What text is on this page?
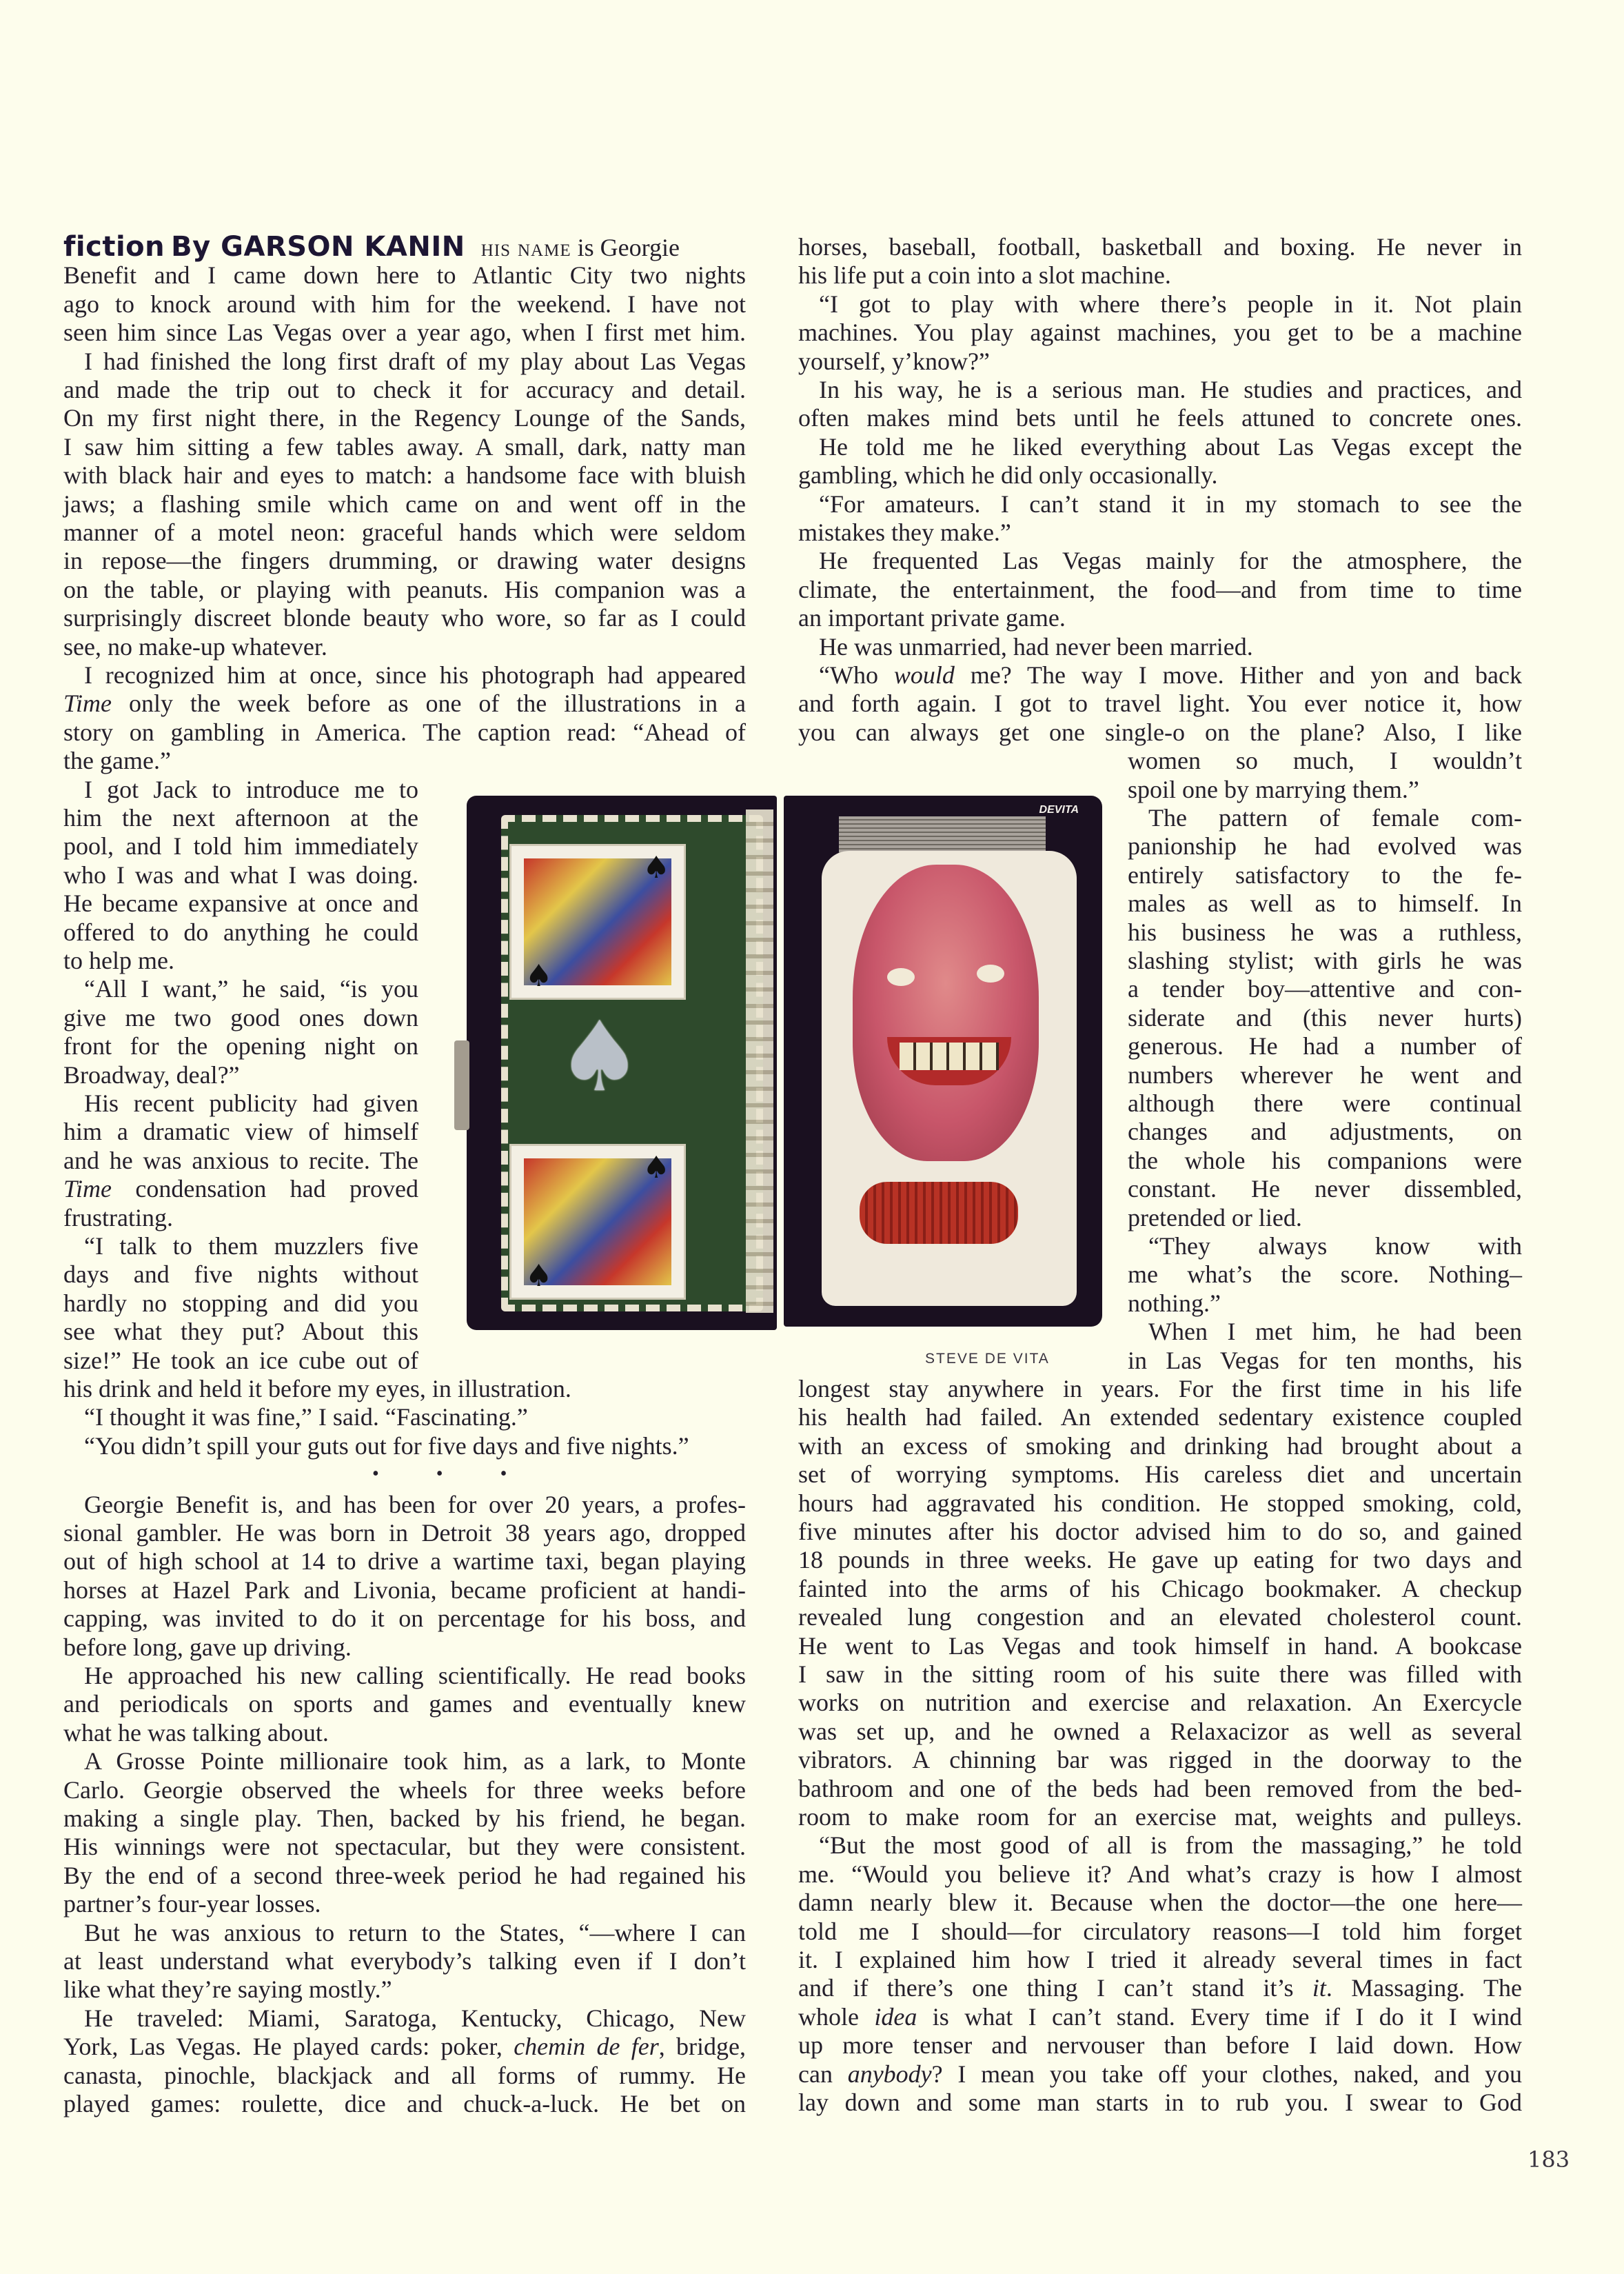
fiction By GARSON KANIN his name is Georgie
Benefit and I came down here to Atlantic City two nights
ago to knock around with him for the weekend. I have not
seen him since Las Vegas over a year ago, when I first met him.
I had finished the long first draft of my play about Las Vegas
and made the trip out to check it for accuracy and detail.
On my first night there, in the Regency Lounge of the Sands,
I saw him sitting a few tables away. A small, dark, natty man
with black hair and eyes to match: a handsome face with bluish
jaws; a flashing smile which came on and went off in the
manner of a motel neon: graceful hands which were seldom
in repose—the fingers drumming, or drawing water designs
on the table, or playing with peanuts. His companion was a
surprisingly discreet blonde beauty who wore, so far as I could
see, no make-up whatever.
I recognized him at once, since his photograph had appeared
Time only the week before as one of the illustrations in a
story on gambling in America. The caption read: “Ahead of
the game.”
I got Jack to introduce me to
him the next afternoon at the
pool, and I told him immediately
who I was and what I was doing.
He became expansive at once and
offered to do anything he could
to help me.
“All I want,” he said, “is you
give me two good ones down
front for the opening night on
Broadway, deal?”
His recent publicity had given
him a dramatic view of himself
and he was anxious to recite. The
Time condensation had proved
frustrating.
“I talk to them muzzlers five
days and five nights without
hardly no stopping and did you
see what they put? About this
size!” He took an ice cube out of
his drink and held it before my eyes, in illustration.
“I thought it was fine,” I said. “Fascinating.”
“You didn’t spill your guts out for five days and five nights.”
• • •
Georgie Benefit is, and has been for over 20 years, a profes-
sional gambler. He was born in Detroit 38 years ago, dropped
out of high school at 14 to drive a wartime taxi, began playing
horses at Hazel Park and Livonia, became proficient at handi-
capping, was invited to do it on percentage for his boss, and
before long, gave up driving.
He approached his new calling scientifically. He read books
and periodicals on sports and games and eventually knew
what he was talking about.
A Grosse Pointe millionaire took him, as a lark, to Monte
Carlo. Georgie observed the wheels for three weeks before
making a single play. Then, backed by his friend, he began.
His winnings were not spectacular, but they were consistent.
By the end of a second three-week period he had regained his
partner’s four-year losses.
But he was anxious to return to the States, “—where I can
at least understand what everybody’s talking even if I don’t
like what they’re saying mostly.”
He traveled: Miami, Saratoga, Kentucky, Chicago, New
York, Las Vegas. He played cards: poker, chemin de fer, bridge,
canasta, pinochle, blackjack and all forms of rummy. He
played games: roulette, dice and chuck-a-luck. He bet on
horses, baseball, football, basketball and boxing. He never in
his life put a coin into a slot machine.
“I got to play with where there’s people in it. Not plain
machines. You play against machines, you get to be a machine
yourself, y’know?”
In his way, he is a serious man. He studies and practices, and
often makes mind bets until he feels attuned to concrete ones.
He told me he liked everything about Las Vegas except the
gambling, which he did only occasionally.
“For amateurs. I can’t stand it in my stomach to see the
mistakes they make.”
He frequented Las Vegas mainly for the atmosphere, the
climate, the entertainment, the food—and from time to time
an important private game.
He was unmarried, had never been married.
“Who would me? The way I move. Hither and yon and back
and forth again. I got to travel light. You ever notice it, how
you can always get one single-o on the plane? Also, I like
women so much, I wouldn’t
spoil one by marrying them.”
The pattern of female com-
panionship he had evolved was
entirely satisfactory to the fe-
males as well as to himself. In
his business he was a ruthless,
slashing stylist; with girls he was
a tender boy—attentive and con-
siderate and (this never hurts)
generous. He had a number of
numbers wherever he went and
although there were continual
changes and adjustments, on
the whole his companions were
constant. He never dissembled,
pretended or lied.
“They always know with
me what’s the score. Nothing–
nothing.”
When I met him, he had been
in Las Vegas for ten months, his
longest stay anywhere in years. For the first time in his life
his health had failed. An extended sedentary existence coupled
with an excess of smoking and drinking had brought about a
set of worrying symptoms. His careless diet and uncertain
hours had aggravated his condition. He stopped smoking, cold,
five minutes after his doctor advised him to do so, and gained
18 pounds in three weeks. He gave up eating for two days and
fainted into the arms of his Chicago bookmaker. A checkup
revealed lung congestion and an elevated cholesterol count.
He went to Las Vegas and took himself in hand. A bookcase
I saw in the sitting room of his suite there was filled with
works on nutrition and exercise and relaxation. An Exercycle
was set up, and he owned a Relaxacizor as well as several
vibrators. A chinning bar was rigged in the doorway to the
bathroom and one of the beds had been removed from the bed-
room to make room for an exercise mat, weights and pulleys.
“But the most good of all is from the massaging,” he told
me. “Would you believe it? And what’s crazy is how I almost
damn nearly blew it. Because when the doctor—the one here—
told me I should—for circulatory reasons—I told him forget
it. I explained him how I tried it already several times in fact
and if there’s one thing I can’t stand it’s it. Massaging. The
whole idea is what I can’t stand. Every time if I do it I wind
up more tenser and nervouser than before I laid down. How
can anybody? I mean you take off your clothes, naked, and you
lay down and some man starts in to rub you. I swear to God
♠
♠
♠
♠
♠
DEVITA
STEVE DE VITA
183
